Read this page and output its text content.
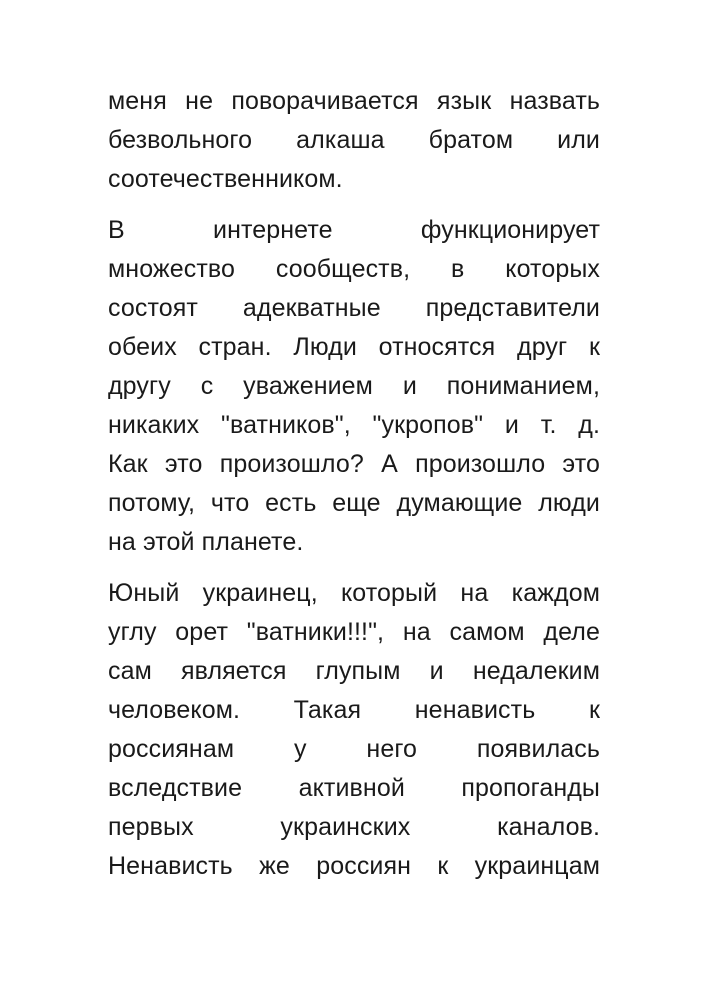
меня не поворачивается язык назвать
безвольного алкаша братом или
соотечественником.

В интернете функционирует
множество сообществ, в которых
состоят адекватные представители
обеих стран. Люди относятся друг к
другу с уважением и пониманием,
никаких "ватников", "укропов" и т. д.
Как это произошло? А произошло это
потому, что есть еще думающие люди
на этой планете.

Юный украинец, который на каждом
углу орет "ватники!!!", на самом деле
сам является глупым и недалеким
человеком. Такая ненависть к
россиянам у него появилась
вследствие активной пропоганды
первых украинских каналов.
Ненависть же россиян к украинцам
